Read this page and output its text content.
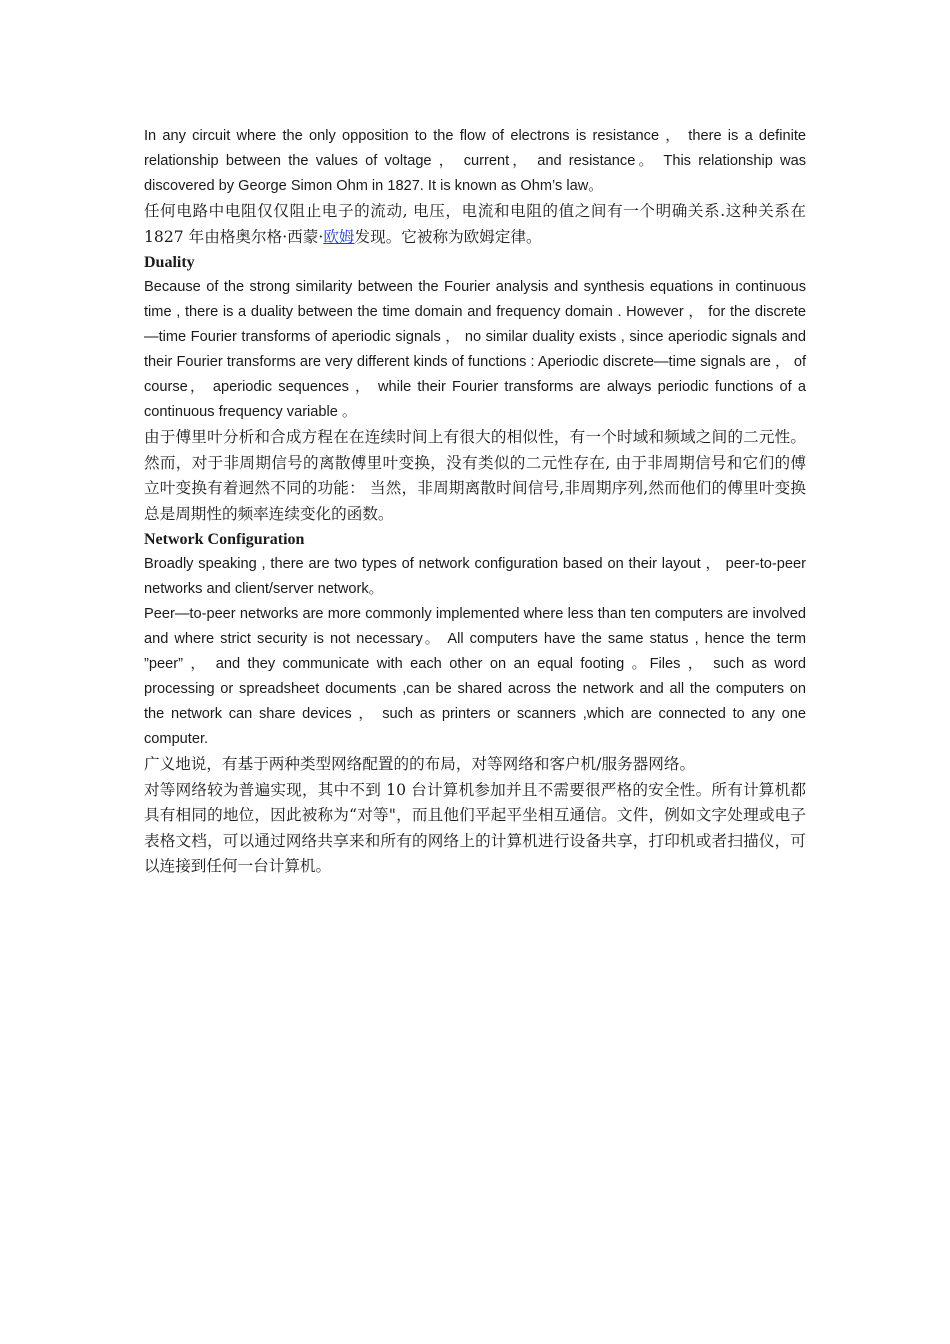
In any circuit where the only opposition to the flow of electrons is resistance ， there is a definite relationship between the values of voltage ， current， and resistance。 This relationship was discovered by George Simon Ohm in 1827. It is known as Ohm’s law。

任何电路中电阻仅仅阻止电子的流动, 电压，电流和电阻的值之间有一个明确关系.这种关系在 1827 年由格奥尔格·西蒙·欧姆发现。它被称为欧姆定律。

Duality

Because of the strong similarity between the Fourier analysis and synthesis equations in continuous time , there is a duality between the time domain and frequency domain . However ， for the discrete—time Fourier transforms of aperiodic signals ， no similar duality exists , since aperiodic signals and their Fourier transforms are very different kinds of functions : Aperiodic discrete—time signals are ， of course， aperiodic sequences ， while their Fourier transforms are always periodic functions of a continuous frequency variable 。

由于傅里叶分析和合成方程在在连续时间上有很大的相似性，有一个时域和频域之间的二元性。然而，对于非周期信号的离散傅里叶变换，没有类似的二元性存在, 由于非周期信号和它们的傅立叶变换有着迥然不同的功能： 当然，非周期离散时间信号,非周期序列,然而他们的傅里叶变换总是周期性的频率连续变化的函数。

Network Configuration

Broadly speaking , there are two types of network configuration based on their layout ， peer-to-peer networks and client/server network。

Peer—to-peer networks are more commonly implemented where less than ten computers are involved and where strict security is not necessary。 All computers have the same status , hence the term ”peer” ， and they communicate with each other on an equal footing 。Files ， such as word processing or spreadsheet documents ,can be shared across the network and all the computers on the network can share devices ， such as printers or scanners ,which are connected to any one computer.

广义地说，有基于两种类型网络配置的的布局，对等网络和客户机/服务器网络。

对等网络较为普遍实现，其中不到 10 台计算机参加并且不需要很严格的安全性。所有计算机都具有相同的地位，因此被称为“对等"，而且他们平起平坐相互通信。文件，例如文字处理或电子表格文档，可以通过网络共享来和所有的网络上的计算机进行设备共享，打印机或者扫描仪，可以连接到任何一台计算机。
